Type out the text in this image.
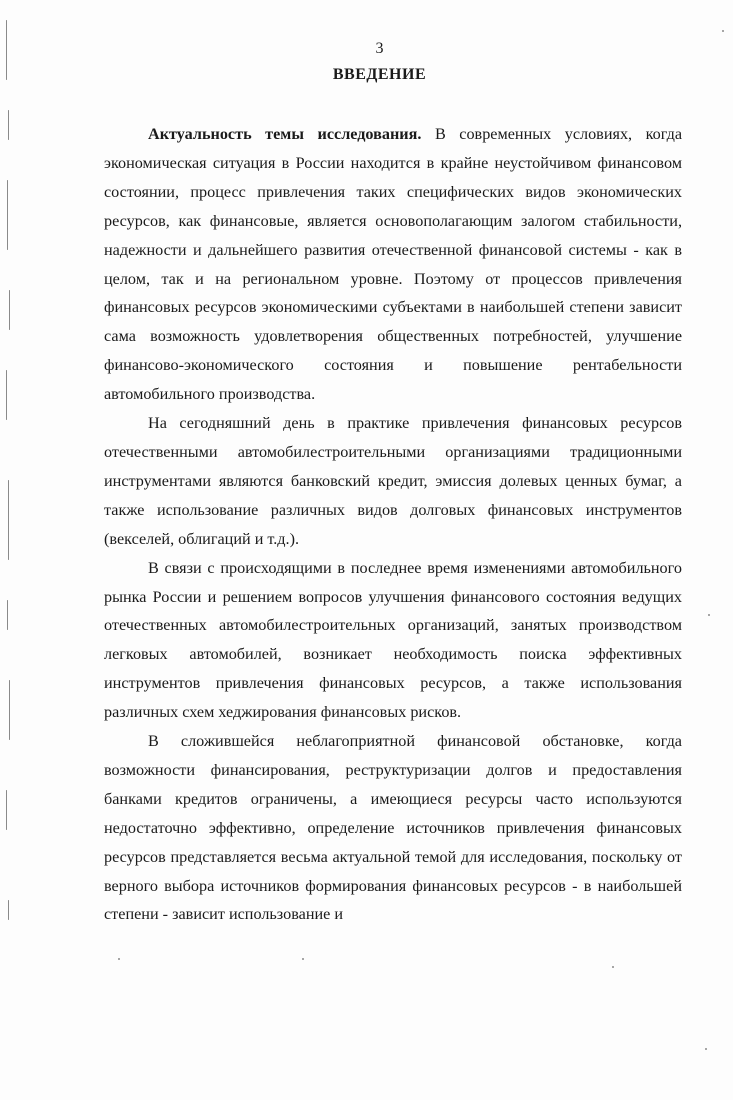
3
ВВЕДЕНИЕ

Актуальность темы исследования. В современных условиях, когда экономическая ситуация в России находится в крайне неустойчивом финансовом состоянии, процесс привлечения таких специфических видов экономических ресурсов, как финансовые, является основополагающим залогом стабильности, надежности и дальнейшего развития отечественной финансовой системы - как в целом, так и на региональном уровне. Поэтому от процессов привлечения финансовых ресурсов экономическими субъектами в наибольшей степени зависит сама возможность удовлетворения общественных потребностей, улучшение финансово-экономического состояния и повышение рентабельности автомобильного производства.

На сегодняшний день в практике привлечения финансовых ресурсов отечественными автомобилестроительными организациями традиционными инструментами являются банковский кредит, эмиссия долевых ценных бумаг, а также использование различных видов долговых финансовых инструментов (векселей, облигаций и т.д.).

В связи с происходящими в последнее время изменениями автомобильного рынка России и решением вопросов улучшения финансового состояния ведущих отечественных автомобилестроительных организаций, занятых производством легковых автомобилей, возникает необходимость поиска эффективных инструментов привлечения финансовых ресурсов, а также использования различных схем хеджирования финансовых рисков.

В сложившейся неблагоприятной финансовой обстановке, когда возможности финансирования, реструктуризации долгов и предоставления банками кредитов ограничены, а имеющиеся ресурсы часто используются недостаточно эффективно, определение источников привлечения финансовых ресурсов представляется весьма актуальной темой для исследования, поскольку от верного выбора источников формирования финансовых ресурсов - в наибольшей степени - зависит использование и
